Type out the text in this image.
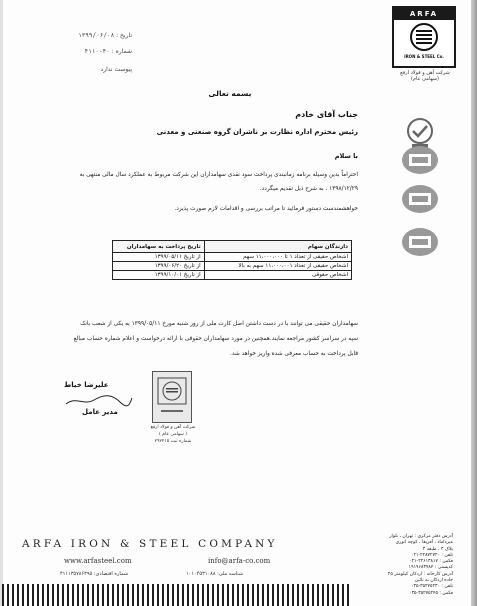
ARFA
IRON & STEEL Co.
شرکت آهن و فولاد ارفع (سهامی عام)
تاریخ : ۱۳۹۹/۰۶/۰۸
شماره : ۴۰-۴۱۱۰
پیوست ندارد
بسمه تعالی
جناب آقای خادم
رئیس محترم اداره نظارت بر ناشران گروه صنعتی و معدنی
با سلام
احتراماً بدین وسیله برنامه زمانبندی پرداخت سود نقدی سهامداران این شرکت مربوط به عملکرد سال مالی منتهی به
۱۳۹۸/۱۲/۲۹ ، به شرح ذیل تقدیم میگردد.
خواهشمندست دستور فرمائید تا مراتب بررسی و اقدامات لازم صورت پذیرد.
دارندگان سهام	تاریخ پرداخت به سهامداران
اشخاص حقیقی از تعداد ۱ تا ۱۱،۰۰۰،۰۰۰ سهم	از تاریخ ۱۳۹۹/۰۵/۱۱
اشخاص حقیقی از تعداد ۱۱،۰۰۰،۰۰۱ سهم به بالا	از تاریخ ۱۳۹۹/۰۶/۲۰
اشخاص حقوقی	از تاریخ ۱۳۹۹/۱۰/۰۱
سهامداران حقیقی می توانند با در دست داشتن اصل کارت ملی از روز شنبه مورخ ۱۳۹۹/۰۵/۱۱ به یکی از شعب بانک
سپه در سراسر کشور مراجعه نمایند.همچنین در مورد سهامداران حقوقی با ارائه درخواست و اعلام شماره حساب مبالغ
قابل پرداخت به حساب معرفی شده واریز خواهد شد.
شرکت آهن و فولاد ارفع
( سهامی عام )
شماره ثبت ۲۹۲۲۱۵
علیرضا خیاط
مدیر عامل
ARFA IRON & STEEL COMPANY
www.arfasteel.com	info@arfa-co.com
شماره اقتصادی: ۴۱۱۱۳۵۷۸۶۳۹۵	شناسه ملی: ۱۰۱۰۴۵۳۱۰۸۸
آدرس دفتر مرکزی : تهران ، بلوار
میرداماد ، آفریقا ، کوچه انوری
پلاک ۳ ، طبقه ۳
تلفن : ۲۲۸۷۲۷۲۰-۰۲۱
فکس : ۲۲۶۱۳۸۱۷-۰۲۱
کدپستی : ۱۹۱۹۶۸۳۷۸۴
آدرس کارخانه : اردکان کیلومتر ۲۵
جاده اردکان به نائین
تلفن : ۳۵۲۷۵۲۳۰-۰۳۵
فکس : ۳۵۲۷۵۲۴۵-۰۳۵
